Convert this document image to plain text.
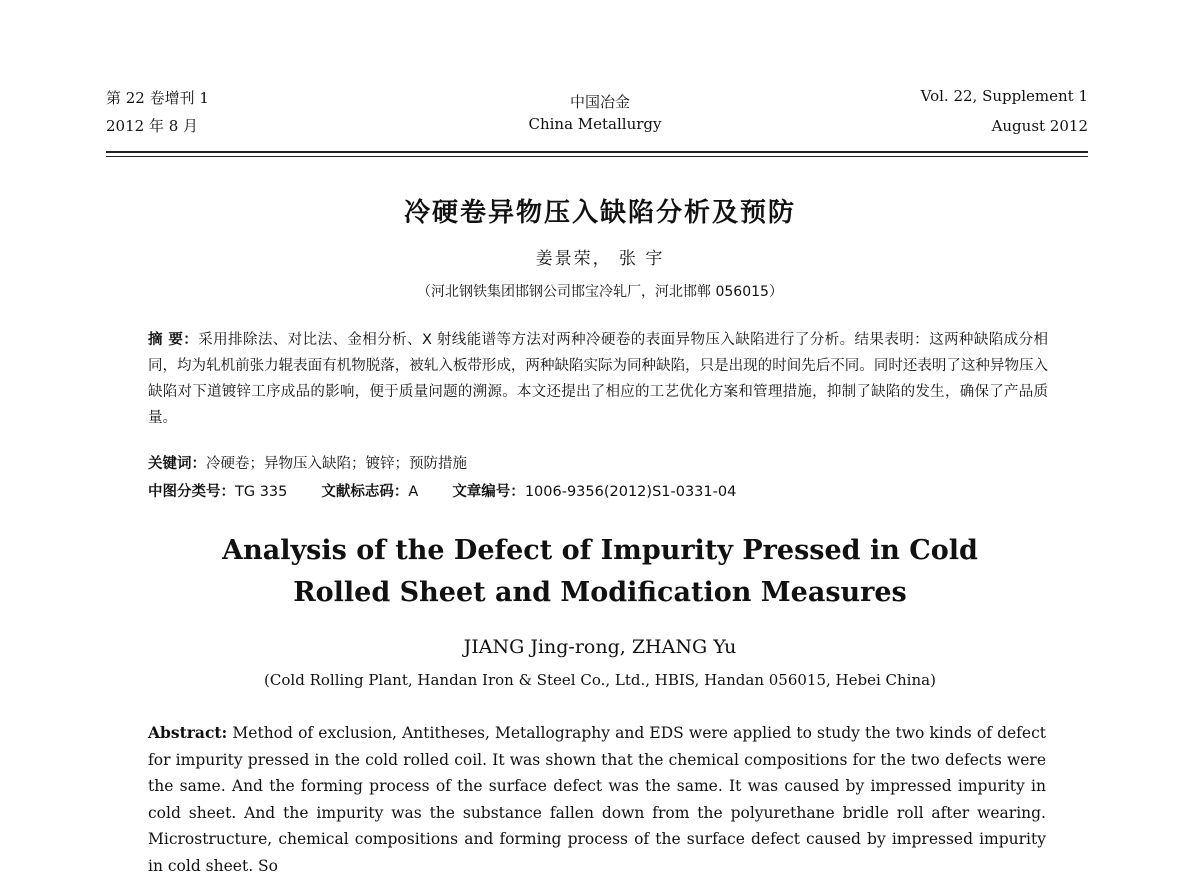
第 22 卷增刊 1
2012 年 8 月
中国冶金
China Metallurgy
Vol. 22, Supplement 1
August 2012
冷硬卷异物压入缺陷分析及预防
姜景荣， 张 宇
（河北钢铁集团邯钢公司邯宝冷轧厂，河北邯郸 056015）
摘 要：采用排除法、对比法、金相分析、X 射线能谱等方法对两种冷硬卷的表面异物压入缺陷进行了分析。结果表明：这两种缺陷成分相同，均为轧机前张力辊表面有机物脱落，被轧入板带形成，两种缺陷实际为同种缺陷，只是出现的时间先后不同。同时还表明了这种异物压入缺陷对下道镀锌工序成品的影响，便于质量问题的溯源。本文还提出了相应的工艺优化方案和管理措施，抑制了缺陷的发生，确保了产品质量。
关键词：冷硬卷；异物压入缺陷；镀锌；预防措施
中图分类号：TG 335 文献标志码：A 文章编号：1006-9356(2012)S1-0331-04
Analysis of the Defect of Impurity Pressed in Cold
Rolled Sheet and Modification Measures
JIANG Jing-rong, ZHANG Yu
(Cold Rolling Plant, Handan Iron & Steel Co., Ltd., HBIS, Handan 056015, Hebei China)
Abstract: Method of exclusion, Antitheses, Metallography and EDS were applied to study the two kinds of defect for impurity pressed in the cold rolled coil. It was shown that the chemical compositions for the two defects were the same. And the forming process of the surface defect was the same. It was caused by impressed impurity in cold sheet. And the impurity was the substance fallen down from the polyurethane bridle roll after wearing. Microstructure, chemical compositions and forming process of the surface defect caused by impressed impurity in cold sheet. So
